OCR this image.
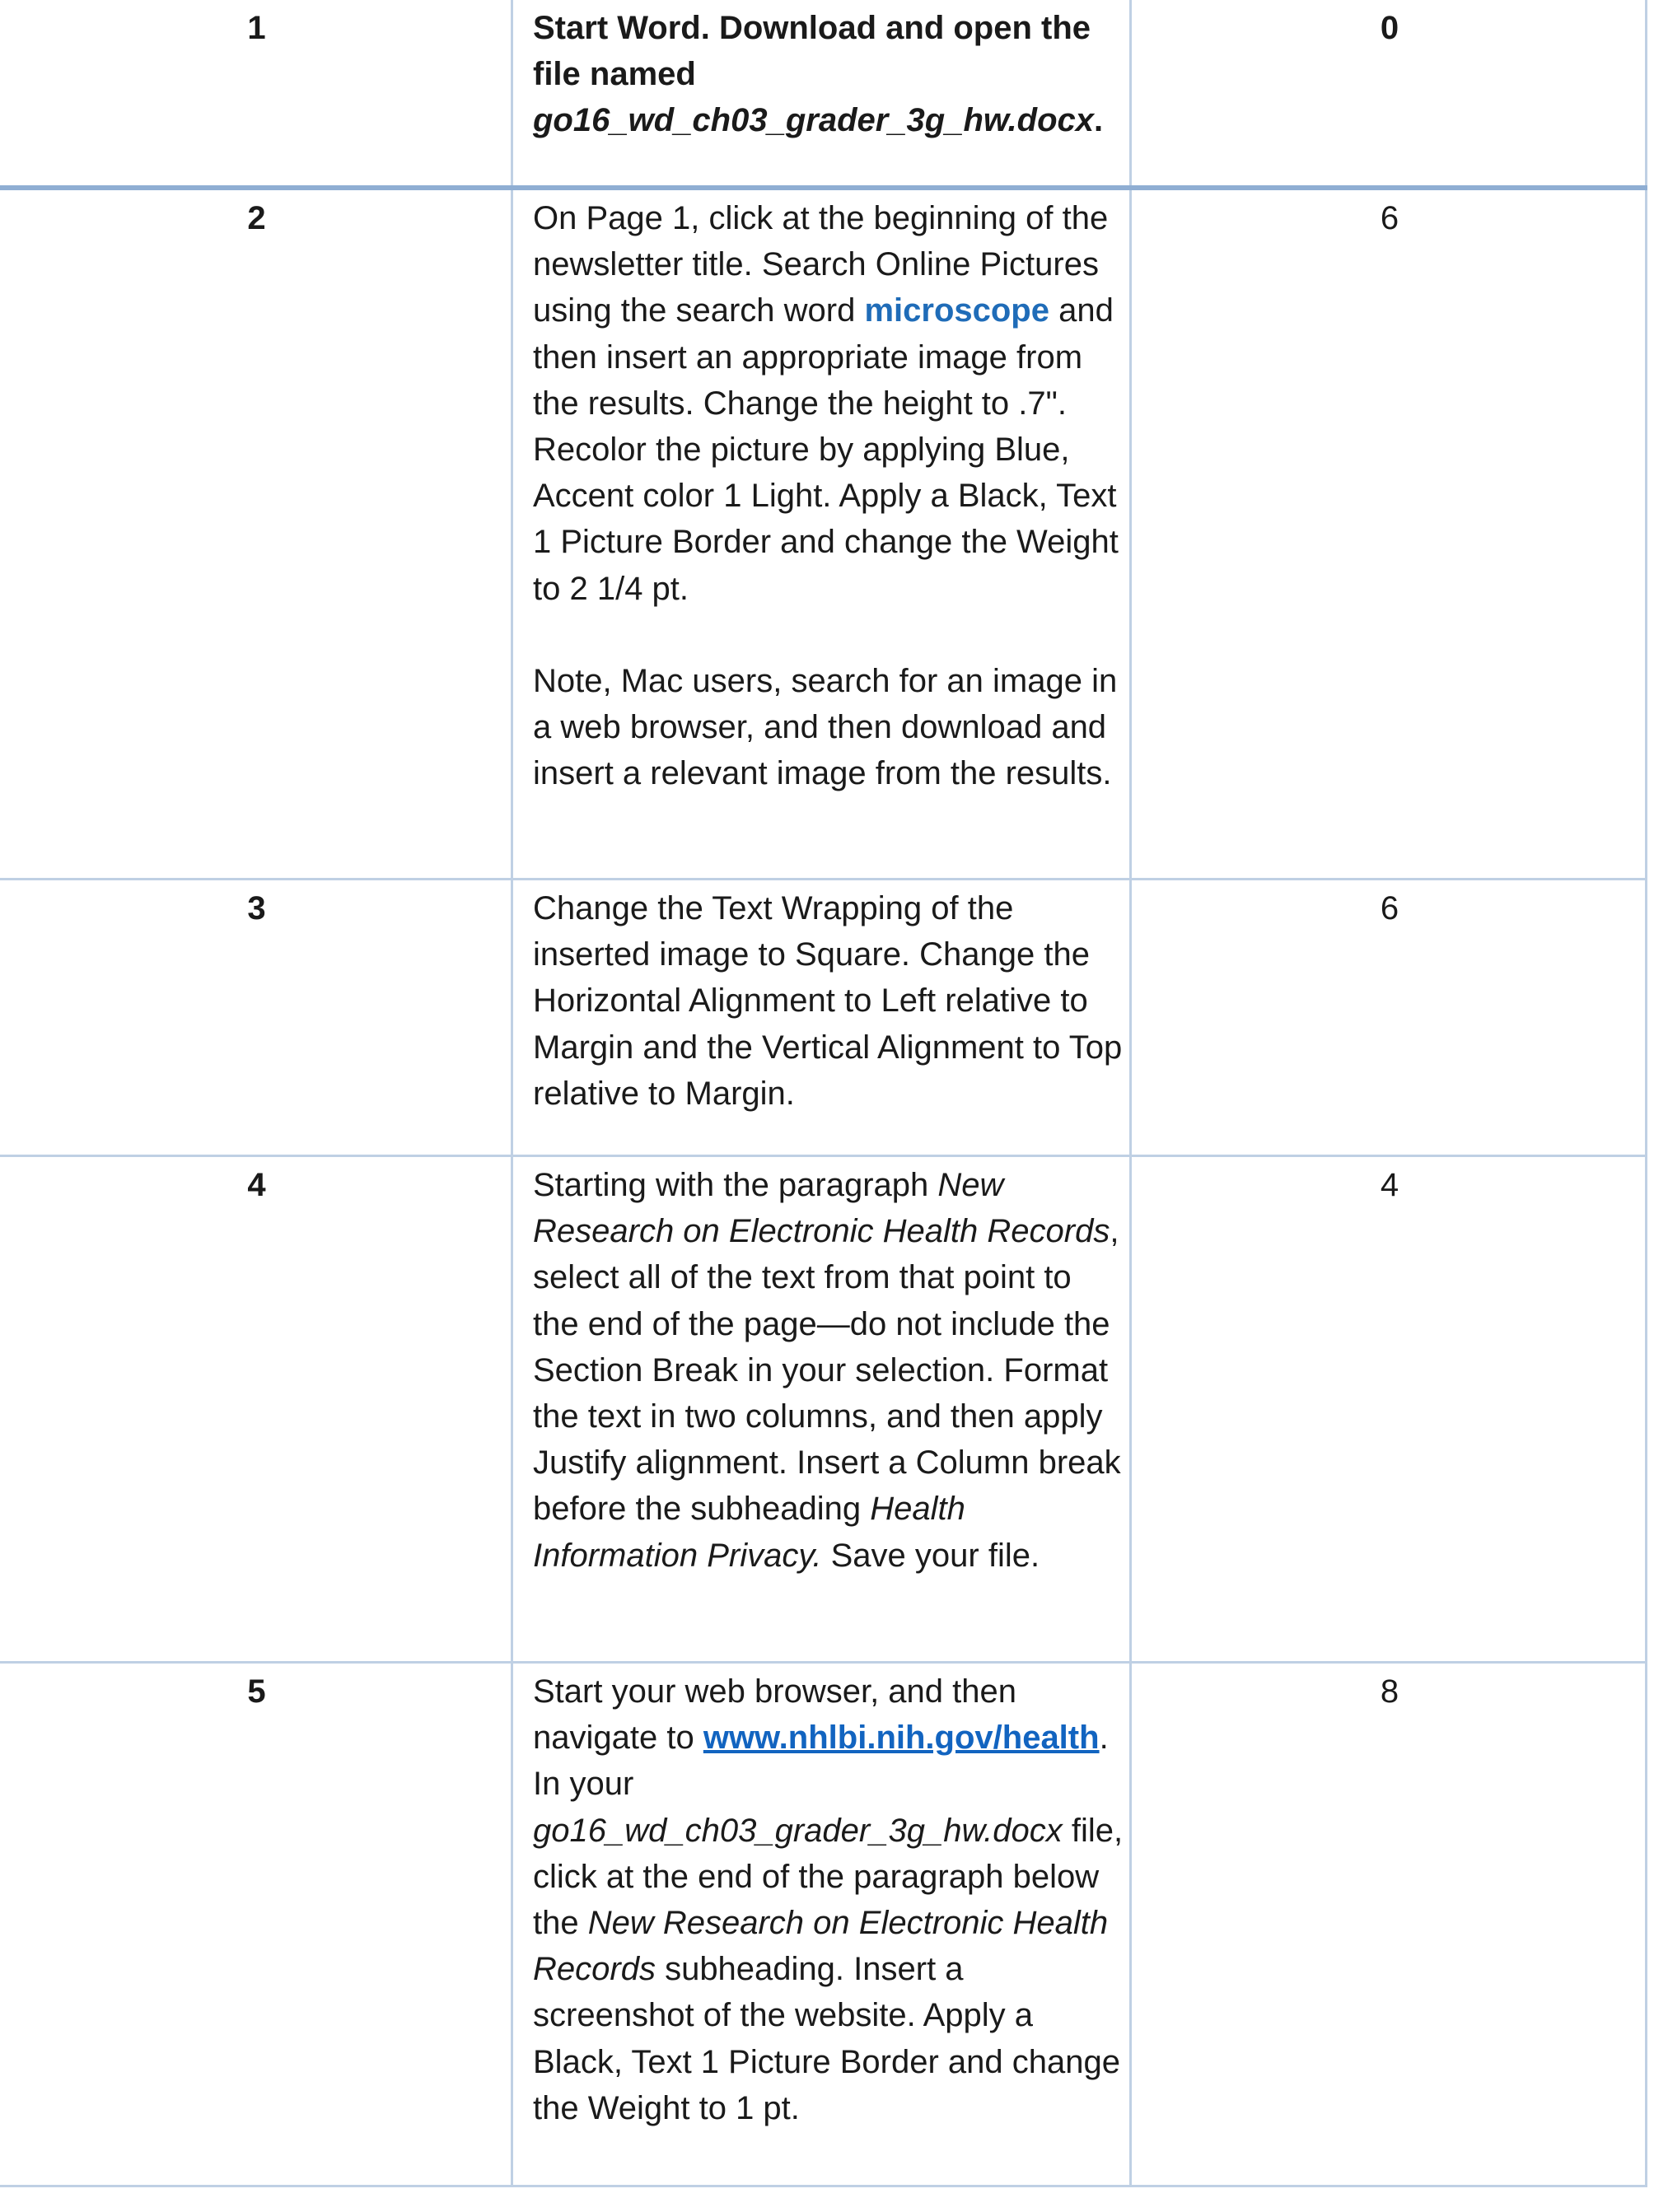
1	Start Word. Download and open the file named
go16_wd_ch03_grader_3g_hw.docx.
0
2	On Page 1, click at the beginning of the newsletter title. Search Online Pictures using the search word microscope and then insert an appropriate image from the results. Change the height to .7". Recolor the picture by applying Blue, Accent color 1 Light. Apply a Black, Text 1 Picture Border and change the Weight to 2 1/4 pt.

Note, Mac users, search for an image in a web browser, and then download and insert a relevant image from the results.

6
3	Change the Text Wrapping of the inserted image to Square. Change the Horizontal Alignment to Left relative to Margin and the Vertical Alignment to Top relative to Margin.
6
4	Starting with the paragraph New Research on Electronic Health Records, select all of the text from that point to the end of the page—do not include the Section Break in your selection. Format the text in two columns, and then apply Justify alignment. Insert a Column break before the subheading Health Information Privacy. Save your file.
4
5	Start your web browser, and then navigate to www.nhlbi.nih.gov/health. In your go16_wd_ch03_grader_3g_hw.docx file, click at the end of the paragraph below the New Research on Electronic Health Records subheading. Insert a screenshot of the website. Apply a Black, Text 1 Picture Border and change the Weight to 1 pt.
8
